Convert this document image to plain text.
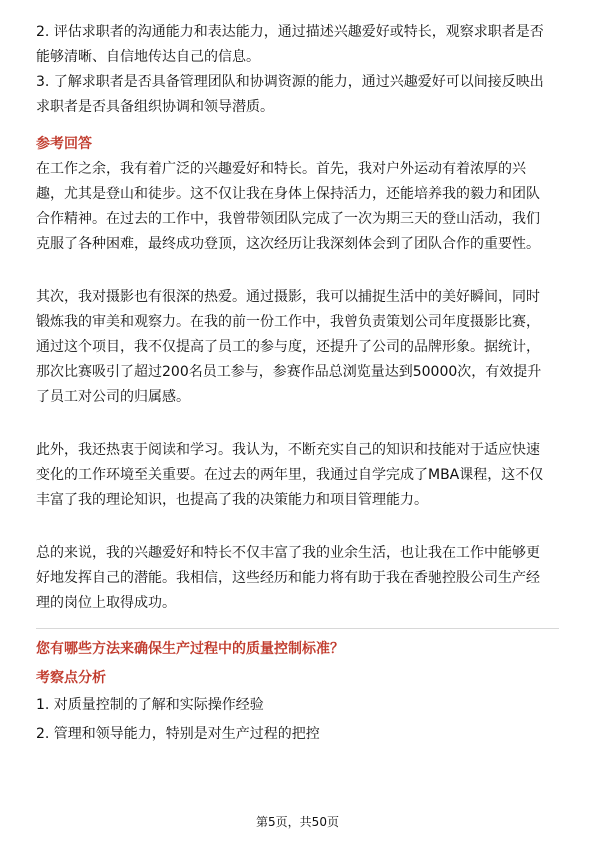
2. 评估求职者的沟通能力和表达能力，通过描述兴趣爱好或特长，观察求职者是否
能够清晰、自信地传达自己的信息。
3. 了解求职者是否具备管理团队和协调资源的能力，通过兴趣爱好可以间接反映出
求职者是否具备组织协调和领导潜质。
参考回答
在工作之余，我有着广泛的兴趣爱好和特长。首先，我对户外运动有着浓厚的兴
趣，尤其是登山和徒步。这不仅让我在身体上保持活力，还能培养我的毅力和团队
合作精神。在过去的工作中，我曾带领团队完成了一次为期三天的登山活动，我们
克服了各种困难，最终成功登顶，这次经历让我深刻体会到了团队合作的重要性。
其次，我对摄影也有很深的热爱。通过摄影，我可以捕捉生活中的美好瞬间，同时
锻炼我的审美和观察力。在我的前一份工作中，我曾负责策划公司年度摄影比赛，
通过这个项目，我不仅提高了员工的参与度，还提升了公司的品牌形象。据统计，
那次比赛吸引了超过200名员工参与，参赛作品总浏览量达到50000次，有效提升
了员工对公司的归属感。
此外，我还热衷于阅读和学习。我认为，不断充实自己的知识和技能对于适应快速
变化的工作环境至关重要。在过去的两年里，我通过自学完成了MBA课程，这不仅
丰富了我的理论知识，也提高了我的决策能力和项目管理能力。
总的来说，我的兴趣爱好和特长不仅丰富了我的业余生活，也让我在工作中能够更
好地发挥自己的潜能。我相信，这些经历和能力将有助于我在香驰控股公司生产经
理的岗位上取得成功。
您有哪些方法来确保生产过程中的质量控制标准？
考察点分析
1. 对质量控制的了解和实际操作经验
2. 管理和领导能力，特别是对生产过程的把控
第5页，共50页
